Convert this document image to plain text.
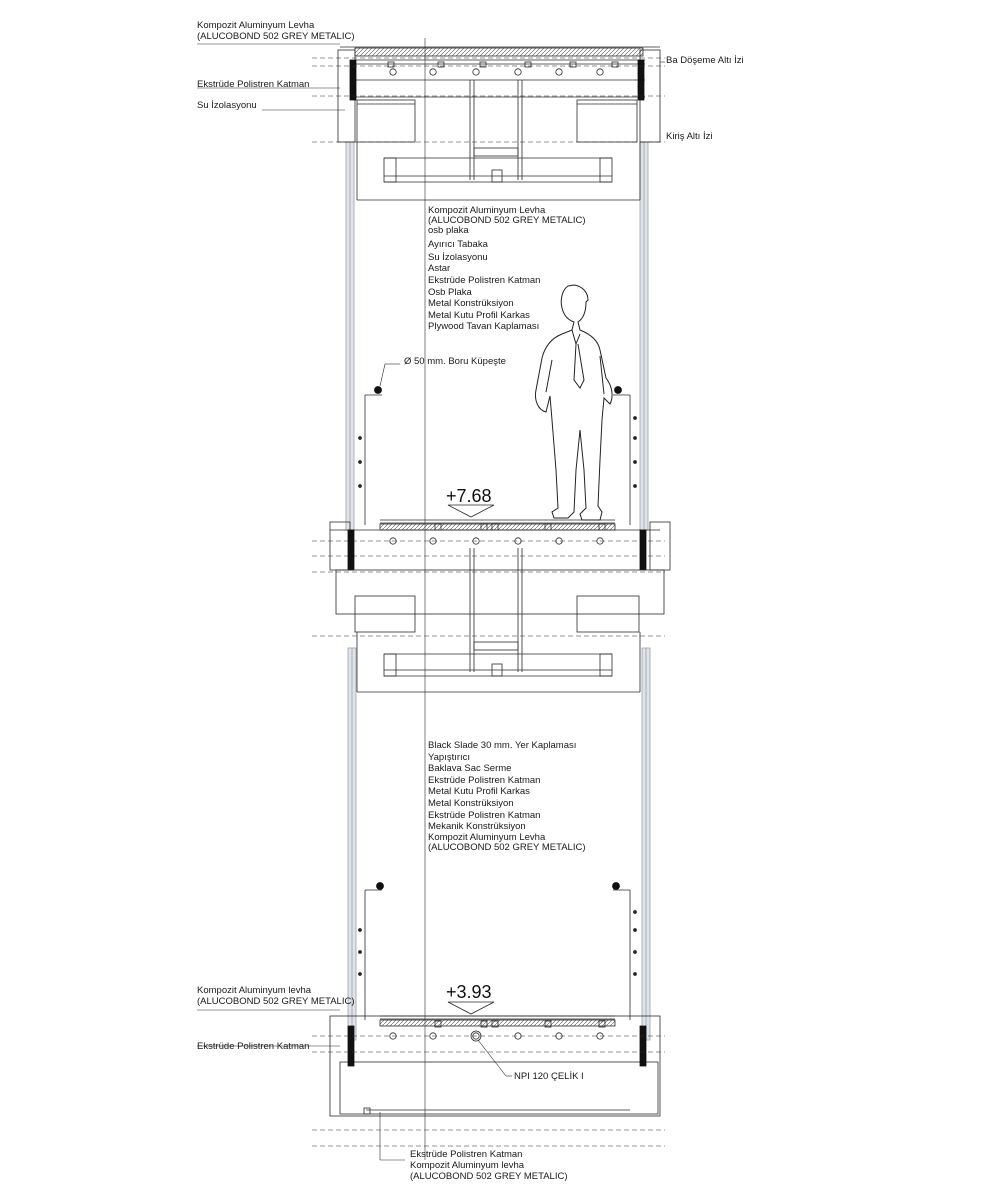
Kompozit Aluminyum Levha
(ALUCOBOND 502 GREY METALIC)
Ekstrüde Polistren Katman
Su İzolasyonu
Ba Döşeme Altı İzi
Kiriş Altı İzi
Kompozit Aluminyum Levha
(ALUCOBOND 502 GREY METALIC)
osb plaka
Ayırıcı Tabaka
Su İzolasyonu
Astar
Ekstrüde Polistren Katman
Osb Plaka
Metal Konstrüksiyon
Metal Kutu Profil Karkas
Plywood Tavan Kaplaması
Ø 50 mm. Boru Küpeşte
+7.68
+3.93
Black Slade 30 mm. Yer Kaplaması
Yapıştırıcı
Baklava Sac Serme
Ekstrüde Polistren Katman
Metal Kutu Profil Karkas
Metal Konstrüksiyon
Ekstrüde Polistren Katman
Mekanik Konstrüksiyon
Kompozit Aluminyum Levha
(ALUCOBOND 502 GREY METALIC)
Kompozit Aluminyum levha
(ALUCOBOND 502 GREY METALIC)
Ekstrüde Polistren Katman
NPI 120 ÇELİK I
Ekstrüde Polistren Katman
Kompozit Aluminyum levha
(ALUCOBOND 502 GREY METALIC)
